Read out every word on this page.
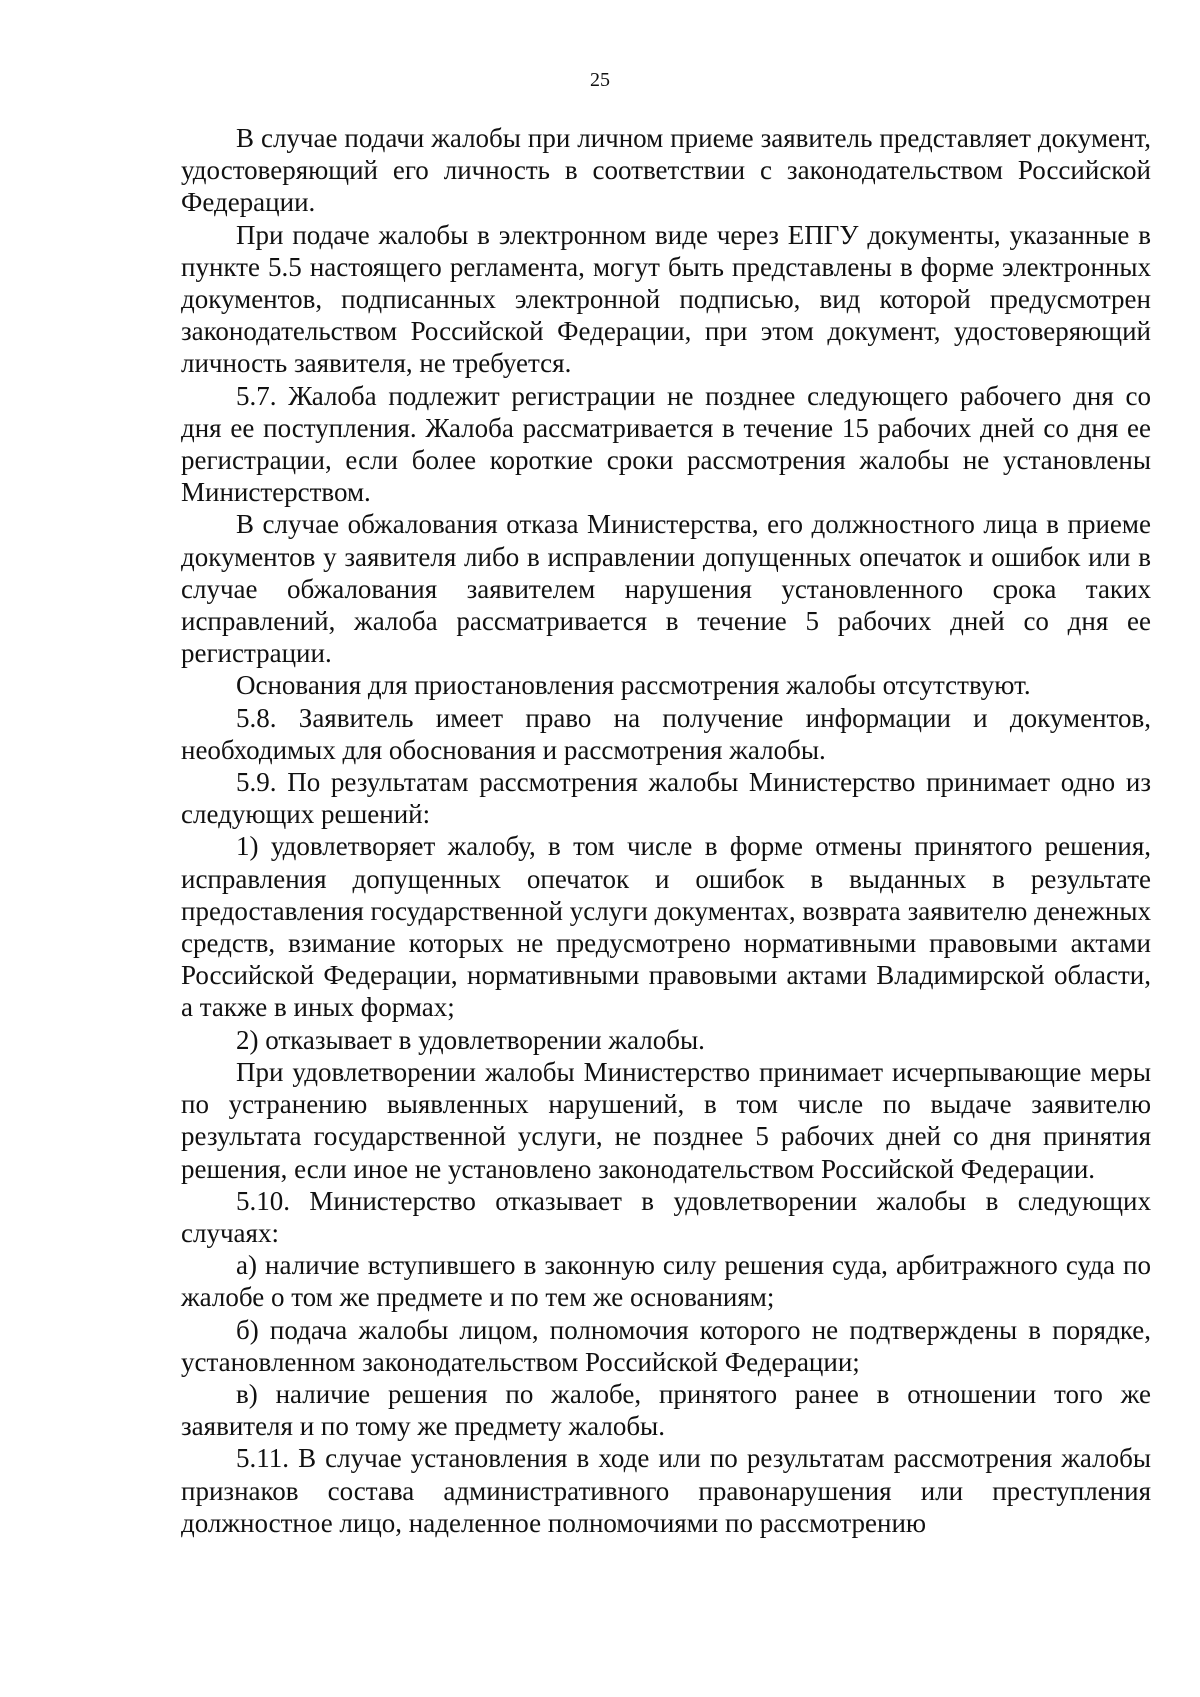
25

В случае подачи жалобы при личном приеме заявитель представляет документ, удостоверяющий его личность в соответствии с законодательством Российской Федерации.

При подаче жалобы в электронном виде через ЕПГУ документы, указанные в пункте 5.5 настоящего регламента, могут быть представлены в форме электронных документов, подписанных электронной подписью, вид которой предусмотрен законодательством Российской Федерации, при этом документ, удостоверяющий личность заявителя, не требуется.

5.7. Жалоба подлежит регистрации не позднее следующего рабочего дня со дня ее поступления. Жалоба рассматривается в течение 15 рабочих дней со дня ее регистрации, если более короткие сроки рассмотрения жалобы не установлены Министерством.

В случае обжалования отказа Министерства, его должностного лица в приеме документов у заявителя либо в исправлении допущенных опечаток и ошибок или в случае обжалования заявителем нарушения установленного срока таких исправлений, жалоба рассматривается в течение 5 рабочих дней со дня ее регистрации.

Основания для приостановления рассмотрения жалобы отсутствуют.

5.8. Заявитель имеет право на получение информации и документов, необходимых для обоснования и рассмотрения жалобы.

5.9. По результатам рассмотрения жалобы Министерство принимает одно из следующих решений:

1) удовлетворяет жалобу, в том числе в форме отмены принятого решения, исправления допущенных опечаток и ошибок в выданных в результате предоставления государственной услуги документах, возврата заявителю денежных средств, взимание которых не предусмотрено нормативными правовыми актами Российской Федерации, нормативными правовыми актами Владимирской области, а также в иных формах;

2) отказывает в удовлетворении жалобы.

При удовлетворении жалобы Министерство принимает исчерпывающие меры по устранению выявленных нарушений, в том числе по выдаче заявителю результата государственной услуги, не позднее 5 рабочих дней со дня принятия решения, если иное не установлено законодательством Российской Федерации.

5.10. Министерство отказывает в удовлетворении жалобы в следующих случаях:

а) наличие вступившего в законную силу решения суда, арбитражного суда по жалобе о том же предмете и по тем же основаниям;

б) подача жалобы лицом, полномочия которого не подтверждены в порядке, установленном законодательством Российской Федерации;

в) наличие решения по жалобе, принятого ранее в отношении того же заявителя и по тому же предмету жалобы.

5.11. В случае установления в ходе или по результатам рассмотрения жалобы признаков состава административного правонарушения или преступления должностное лицо, наделенное полномочиями по рассмотрению
